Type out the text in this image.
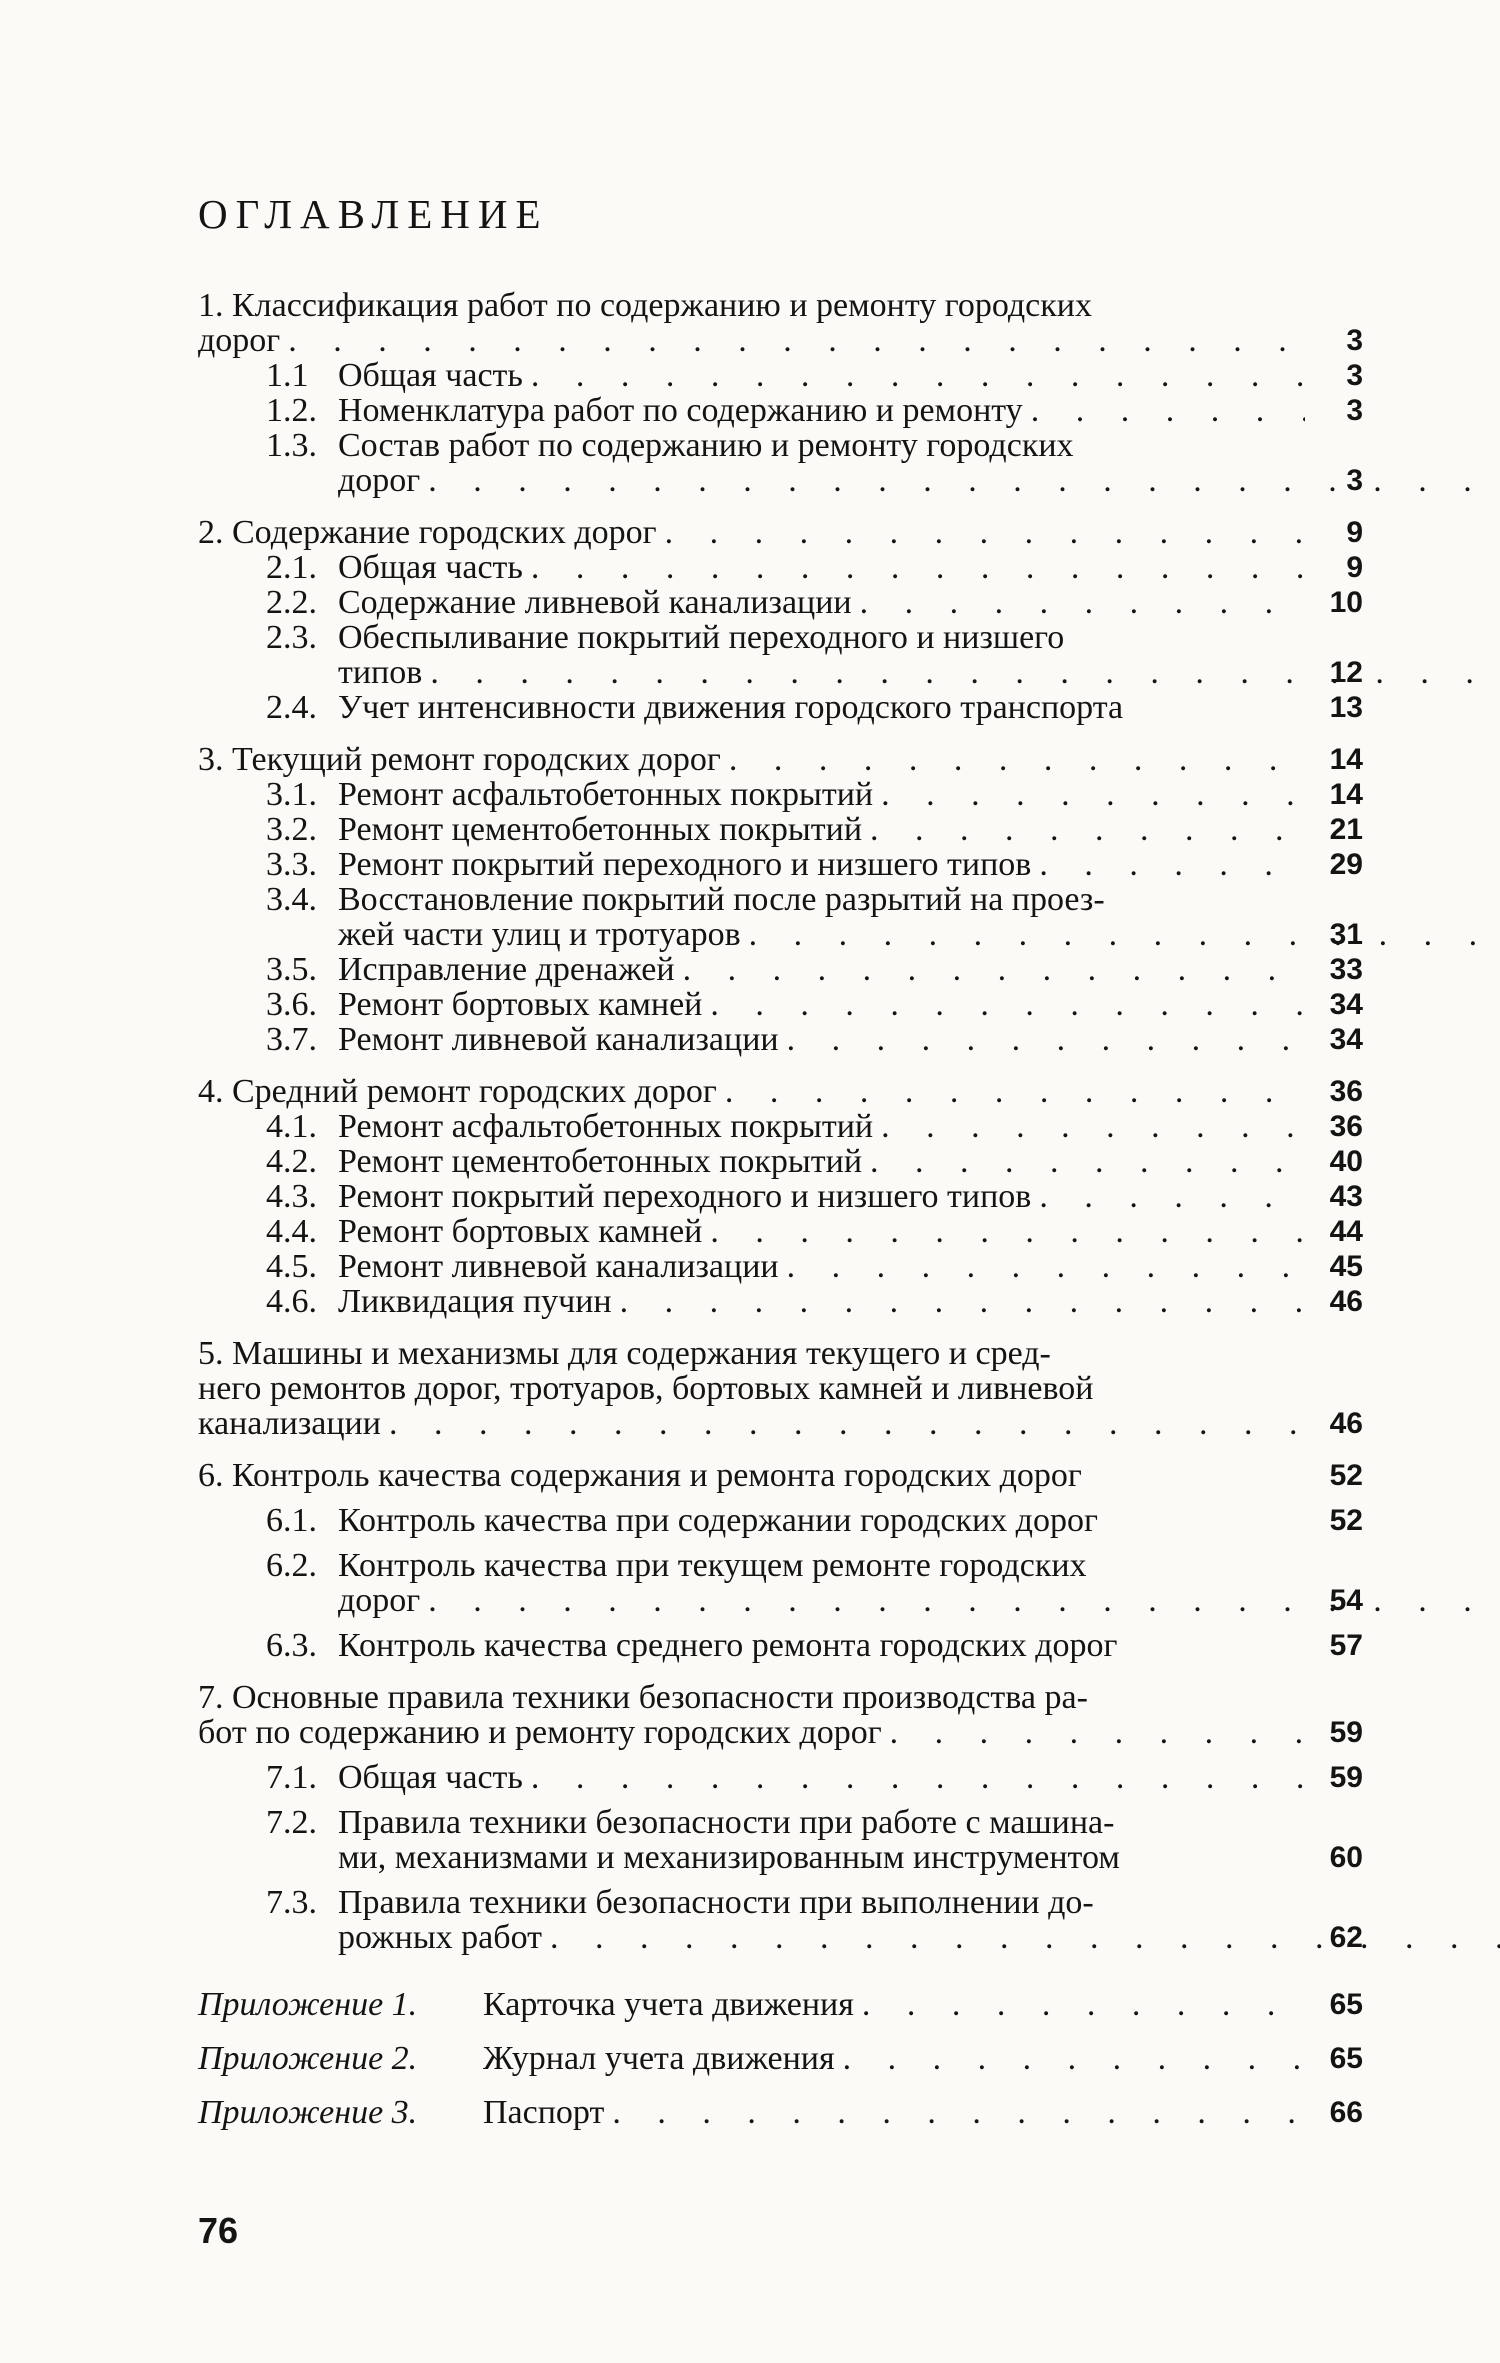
ОГЛАВЛЕНИЕ
1. Классификация работ по содержанию и ремонту городских
дорог . . .	3
1.1 Общая часть . . .	3
1.2. Номенклатура работ по содержанию и ремонту . . .	3
1.3. Состав работ по содержанию и ремонту городских
дорог . . .	3
2. Содержание городских дорог . . .	9
2.1. Общая часть . . .	9
2.2. Содержание ливневой канализации . . .	10
2.3. Обеспыливание покрытий переходного и низшего
типов . . .	12
2.4. Учет интенсивности движения городского транспорта	13
3. Текущий ремонт городских дорог . . .	14
3.1. Ремонт асфальтобетонных покрытий . . .	14
3.2. Ремонт цементобетонных покрытий . . .	21
3.3. Ремонт покрытий переходного и низшего типов . . .	29
3.4. Восстановление покрытий после разрытий на проез-
жей части улиц и тротуаров . . .	31
3.5. Исправление дренажей . . .	33
3.6. Ремонт бортовых камней . . .	34
3.7. Ремонт ливневой канализации . . .	34
4. Средний ремонт городских дорог . . .	36
4.1. Ремонт асфальтобетонных покрытий . . .	36
4.2. Ремонт цементобетонных покрытий . . .	40
4.3. Ремонт покрытий переходного и низшего типов . . .	43
4.4. Ремонт бортовых камней . . .	44
4.5. Ремонт ливневой канализации . . .	45
4.6. Ликвидация пучин . . .	46
5. Машины и механизмы для содержания текущего и сред-
него ремонтов дорог, тротуаров, бортовых камней и ливневой
канализации . . .	46
6. Контроль качества содержания и ремонта городских дорог	52
6.1. Контроль качества при содержании городских дорог	52
6.2. Контроль качества при текущем ремонте городских
дорог . . .	54
6.3. Контроль качества среднего ремонта городских дорог	57
7. Основные правила техники безопасности производства ра-
бот по содержанию и ремонту городских дорог . . .	59
7.1. Общая часть . . .	59
7.2. Правила техники безопасности при работе с машина-
ми, механизмами и механизированным инструментом	60
7.3. Правила техники безопасности при выполнении до-
рожных работ . . .	62
Приложение 1.	Карточка учета движения . . .	65
Приложение 2.	Журнал учета движения . . .	65
Приложение 3.	Паспорт . . .	66
76
